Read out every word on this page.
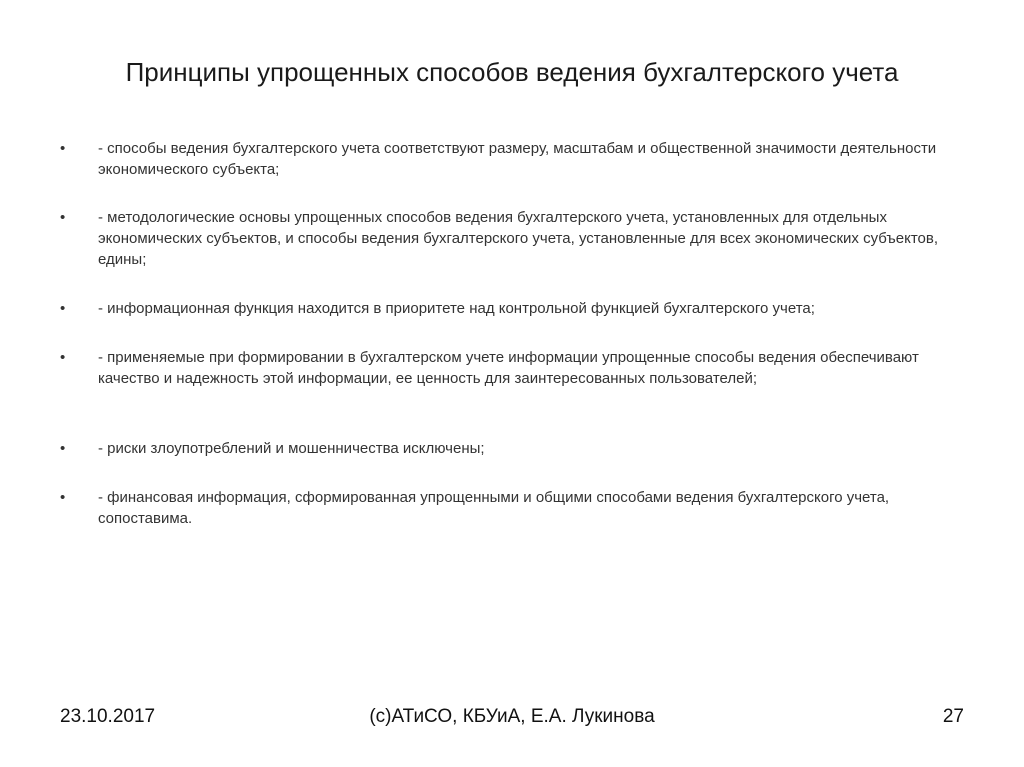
Принципы упрощенных способов ведения бухгалтерского учета
•	- способы ведения бухгалтерского учета соответствуют размеру, масштабам и общественной значимости деятельности экономического субъекта;
•	- методологические основы упрощенных способов ведения бухгалтерского учета, установленных для отдельных экономических субъектов, и способы ведения бухгалтерского учета, установленные для всех экономических субъектов, едины;
•	- информационная функция находится в приоритете над контрольной функцией бухгалтерского учета;
•	- применяемые при формировании в бухгалтерском учете информации упрощенные способы ведения обеспечивают качество и надежность этой информации, ее ценность для заинтересованных пользователей;
•	- риски злоупотреблений и мошенничества исключены;
•	- финансовая информация, сформированная упрощенными и общими способами ведения бухгалтерского учета, сопоставима.
23.10.2017	(с)АТиСО, КБУиА, Е.А. Лукинова	27
